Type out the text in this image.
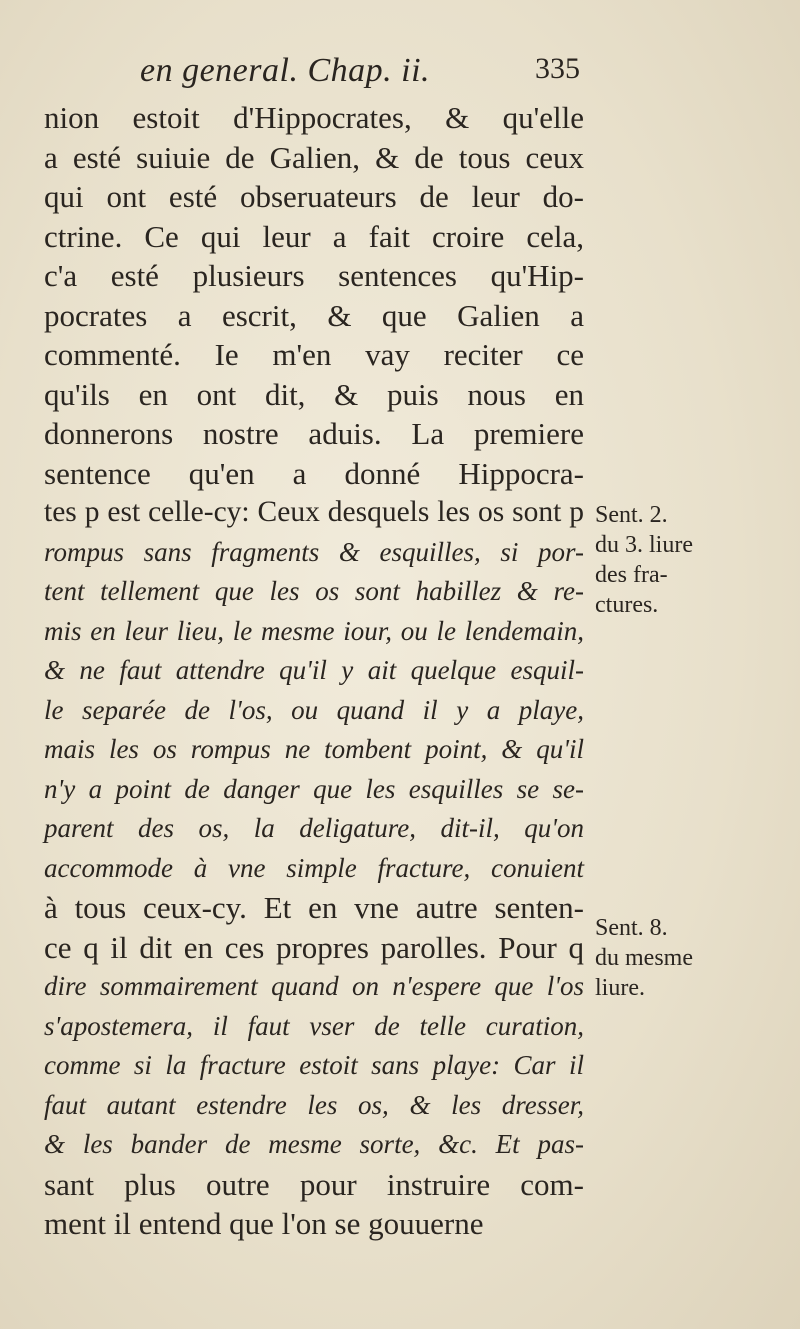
en general. Chap. ii.	335
nion estoit d'Hippocrates, & qu'elle
a esté suiuie de Galien, & de tous ceux
qui ont esté obseruateurs de leur do-
ctrine. Ce qui leur a fait croire cela,
c'a esté plusieurs sentences qu'Hip-
pocrates a escrit, & que Galien a
commenté. Ie m'en vay reciter ce
qu'ils en ont dit, & puis nous en
donnerons nostre aduis. La premiere
sentence qu'en a donné Hippocra-
tes p est celle-cy: Ceux desquels les os sont p
rompus sans fragments & esquilles, si por-
tent tellement que les os sont habillez & re-
mis en leur lieu, le mesme iour, ou le lendemain,
& ne faut attendre qu'il y ait quelque esquil-
le separée de l'os, ou quand il y a playe,
mais les os rompus ne tombent point, & qu'il
n'y a point de danger que les esquilles se se-
parent des os, la deligature, dit-il, qu'on
accommode à vne simple fracture, conuient
à tous ceux-cy. Et en vne autre senten-
ce q il dit en ces propres parolles. Pour q
dire sommairement quand on n'espere que l'os
s'apostemera, il faut vser de telle curation,
comme si la fracture estoit sans playe: Car il
faut autant estendre les os, & les dresser,
& les bander de mesme sorte, &c. Et pas-
sant plus outre pour instruire com-
ment il entend que l'on se gouuerne
Sent. 2.
du 3. liure
des fra-
ctures.
Sent. 8.
du mesme
liure.
